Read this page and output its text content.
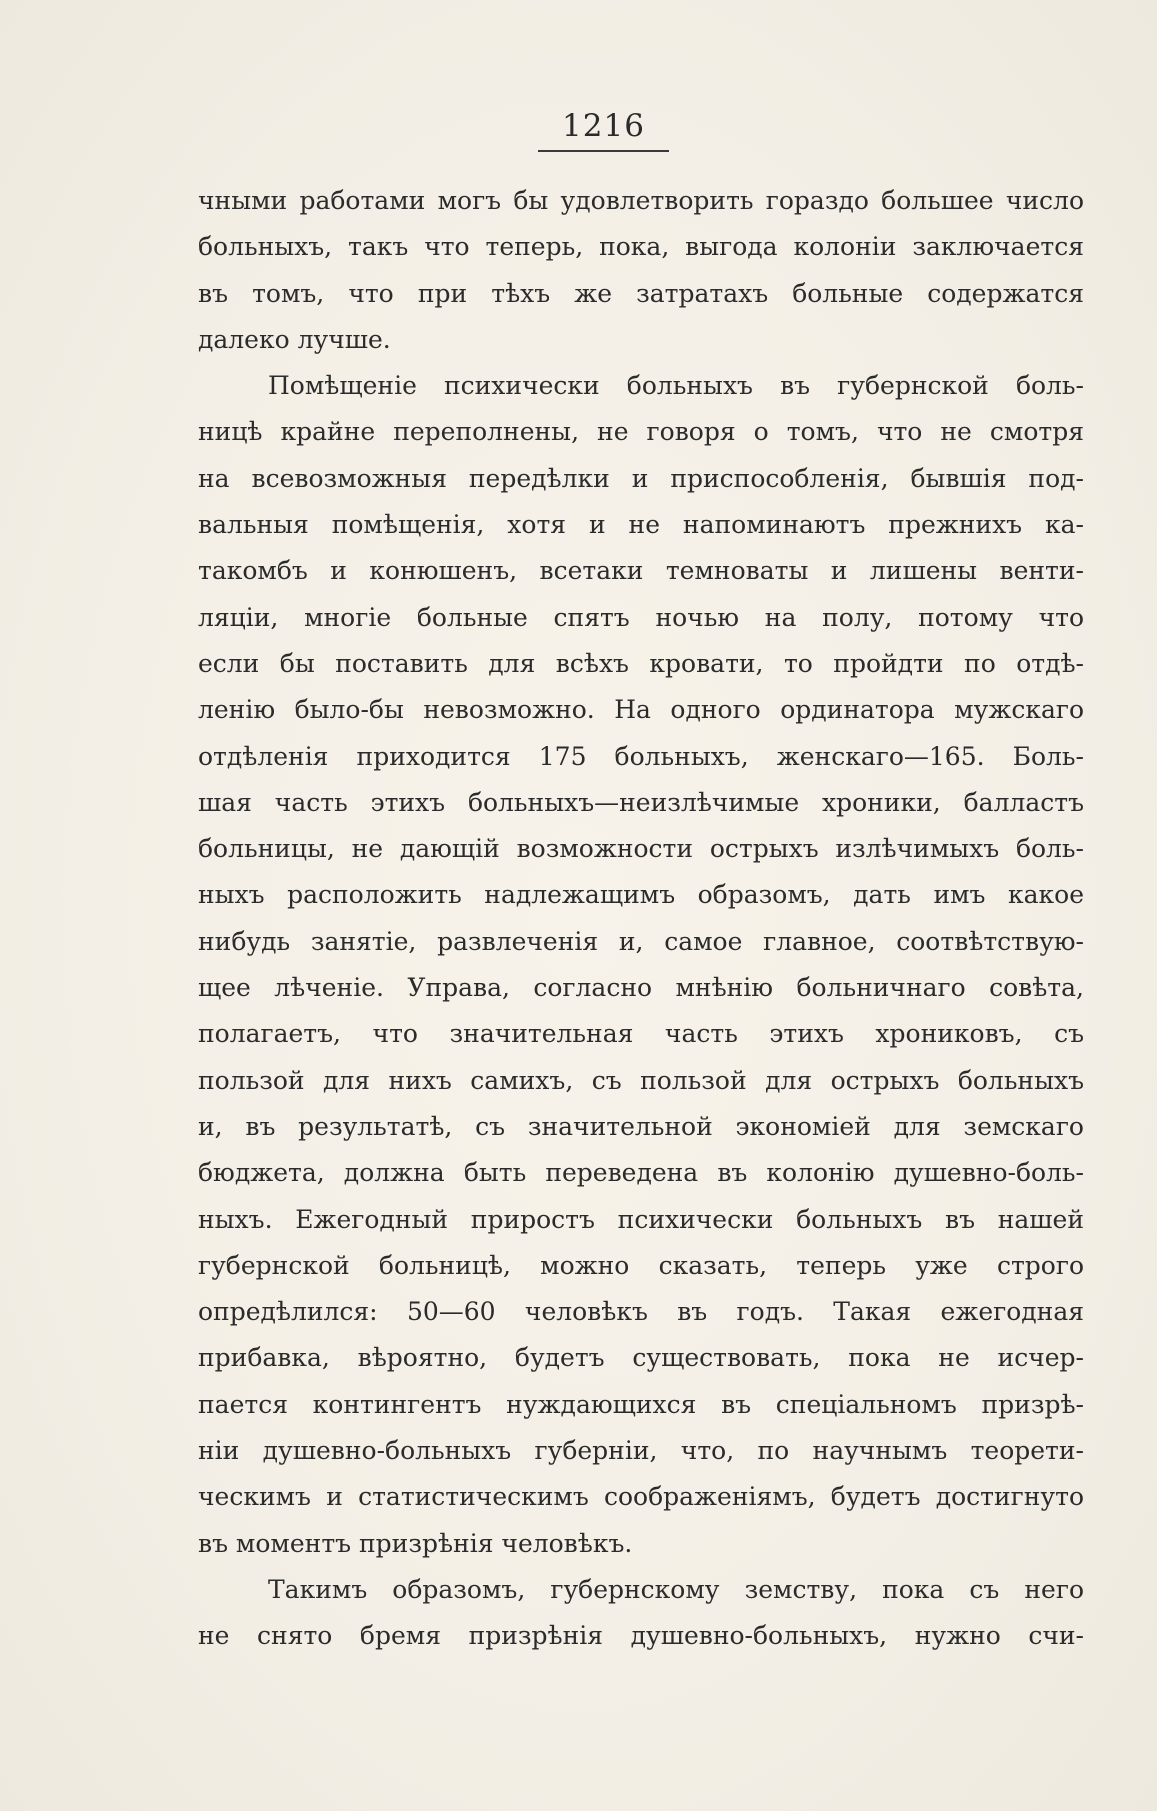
1216
чными работами могъ бы удовлетворить гораздо большее число
больныхъ, такъ что теперь, пока, выгода колоніи заключается
въ томъ, что при тѣхъ же затратахъ больные содержатся
далеко лучше.
Помѣщеніе психически больныхъ въ губернской боль-
ницѣ крайне переполнены, не говоря о томъ, что не смотря
на всевозможныя передѣлки и приспособленія, бывшія под-
вальныя помѣщенія, хотя и не напоминаютъ прежнихъ ка-
такомбъ и конюшенъ, всетаки темноваты и лишены венти-
ляціи, многіе больные спятъ ночью на полу, потому что
если бы поставить для всѣхъ кровати, то пройдти по отдѣ-
ленію было-бы невозможно. На одного ординатора мужскаго
отдѣленія приходится 175 больныхъ, женскаго—165. Боль-
шая часть этихъ больныхъ—неизлѣчимые хроники, балластъ
больницы, не дающій возможности острыхъ излѣчимыхъ боль-
ныхъ расположить надлежащимъ образомъ, дать имъ какое
нибудь занятіе, развлеченія и, самое главное, соотвѣтствую-
щее лѣченіе. Управа, согласно мнѣнію больничнаго совѣта,
полагаетъ, что значительная часть этихъ хрониковъ, съ
пользой для нихъ самихъ, съ пользой для острыхъ больныхъ
и, въ результатѣ, съ значительной экономіей для земскаго
бюджета, должна быть переведена въ колонію душевно-боль-
ныхъ. Ежегодный приростъ психически больныхъ въ нашей
губернской больницѣ, можно сказать, теперь уже строго
опредѣлился: 50—60 человѣкъ въ годъ. Такая ежегодная
прибавка, вѣроятно, будетъ существовать, пока не исчер-
пается контингентъ нуждающихся въ спеціальномъ призрѣ-
ніи душевно-больныхъ губерніи, что, по научнымъ теорети-
ческимъ и статистическимъ соображеніямъ, будетъ достигнуто
въ моментъ призрѣнія человѣкъ.
Такимъ образомъ, губернскому земству, пока съ него
не снято бремя призрѣнія душевно-больныхъ, нужно счи-
